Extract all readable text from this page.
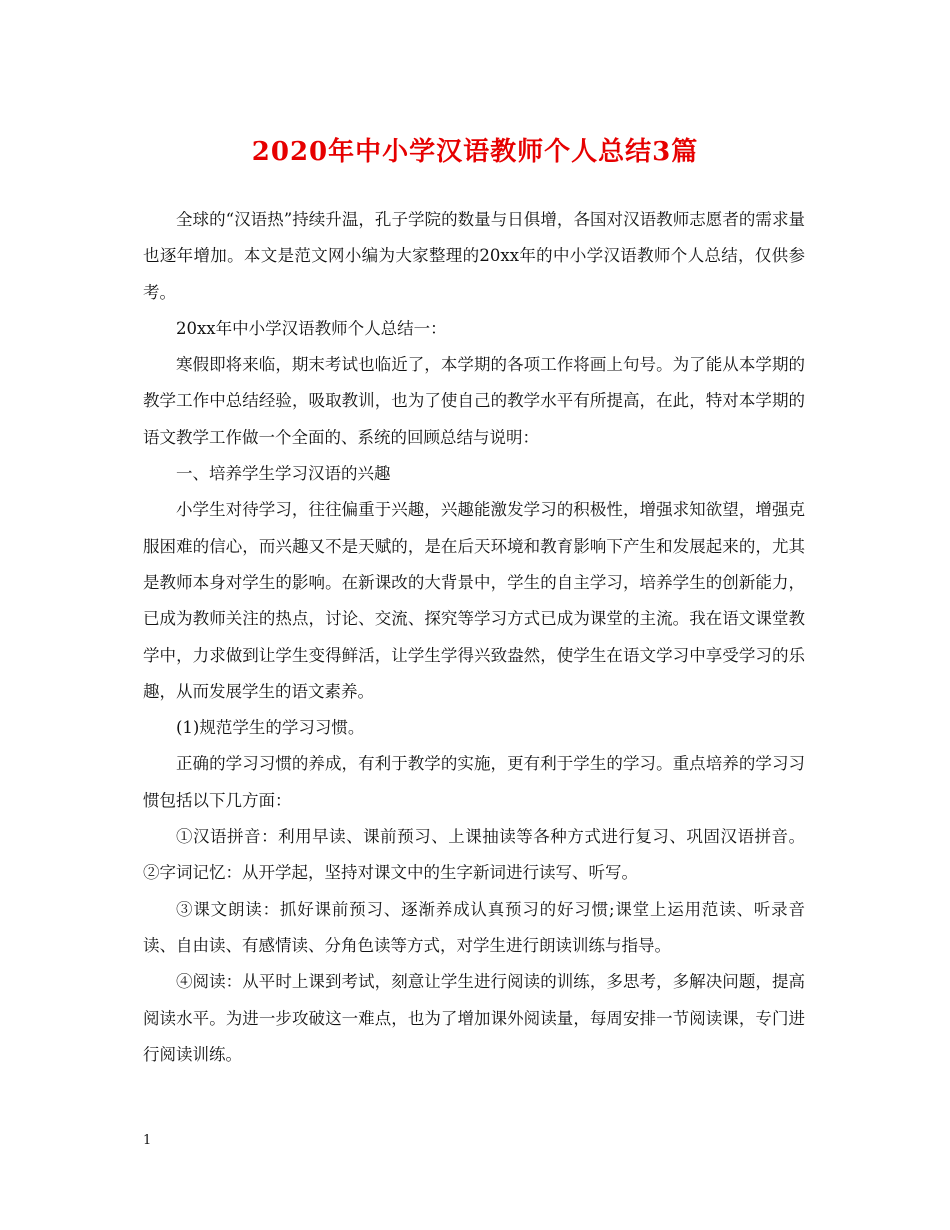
2020年中小学汉语教师个人总结3篇

全球的“汉语热”持续升温，孔子学院的数量与日俱增，各国对汉语教师志愿者的需求量也逐年增加。本文是范文网小编为大家整理的20xx年的中小学汉语教师个人总结，仅供参考。

20xx年中小学汉语教师个人总结一：

寒假即将来临，期末考试也临近了，本学期的各项工作将画上句号。为了能从本学期的教学工作中总结经验，吸取教训，也为了使自己的教学水平有所提高，在此，特对本学期的语文教学工作做一个全面的、系统的回顾总结与说明：

一、培养学生学习汉语的兴趣

小学生对待学习，往往偏重于兴趣，兴趣能激发学习的积极性，增强求知欲望，增强克服困难的信心，而兴趣又不是天赋的，是在后天环境和教育影响下产生和发展起来的，尤其是教师本身对学生的影响。在新课改的大背景中，学生的自主学习，培养学生的创新能力，已成为教师关注的热点，讨论、交流、探究等学习方式已成为课堂的主流。我在语文课堂教学中，力求做到让学生变得鲜活，让学生学得兴致盎然，使学生在语文学习中享受学习的乐趣，从而发展学生的语文素养。

(1)规范学生的学习习惯。

正确的学习习惯的养成，有利于教学的实施，更有利于学生的学习。重点培养的学习习惯包括以下几方面：

①汉语拼音：利用早读、课前预习、上课抽读等各种方式进行复习、巩固汉语拼音。 ②字词记忆：从开学起，坚持对课文中的生字新词进行读写、听写。

③课文朗读：抓好课前预习、逐渐养成认真预习的好习惯;课堂上运用范读、听录音读、自由读、有感情读、分角色读等方式，对学生进行朗读训练与指导。

④阅读：从平时上课到考试，刻意让学生进行阅读的训练，多思考，多解决问题，提高阅读水平。为进一步攻破这一难点，也为了增加课外阅读量，每周安排一节阅读课，专门进行阅读训练。

1
